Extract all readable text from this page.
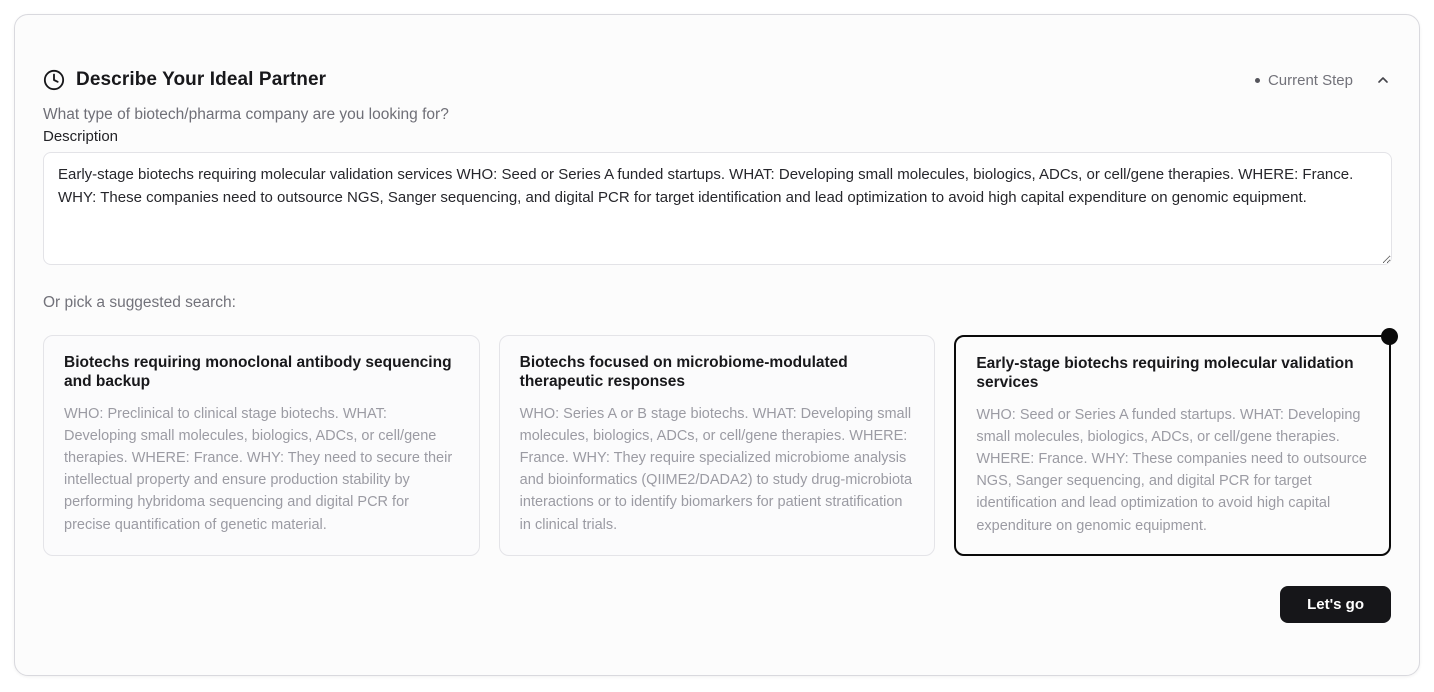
Describe Your Ideal Partner	Current Step
What type of biotech/pharma company are you looking for?
Description
Early-stage biotechs requiring molecular validation services WHO: Seed or Series A funded startups. WHAT: Developing small molecules, biologics, ADCs, or cell/gene therapies. WHERE: France. WHY: These companies need to outsource NGS, Sanger sequencing, and digital PCR for target identification and lead optimization to avoid high capital expenditure on genomic equipment.
Or pick a suggested search:
Biotechs requiring monoclonal antibody sequencing and backup
WHO: Preclinical to clinical stage biotechs. WHAT: Developing small molecules, biologics, ADCs, or cell/gene therapies. WHERE: France. WHY: They need to secure their intellectual property and ensure production stability by performing hybridoma sequencing and digital PCR for precise quantification of genetic material.
Biotechs focused on microbiome-modulated therapeutic responses
WHO: Series A or B stage biotechs. WHAT: Developing small molecules, biologics, ADCs, or cell/gene therapies. WHERE: France. WHY: They require specialized microbiome analysis and bioinformatics (QIIME2/DADA2) to study drug-microbiota interactions or to identify biomarkers for patient stratification in clinical trials.
Early-stage biotechs requiring molecular validation services
WHO: Seed or Series A funded startups. WHAT: Developing small molecules, biologics, ADCs, or cell/gene therapies. WHERE: France. WHY: These companies need to outsource NGS, Sanger sequencing, and digital PCR for target identification and lead optimization to avoid high capital expenditure on genomic equipment.
Let's go
